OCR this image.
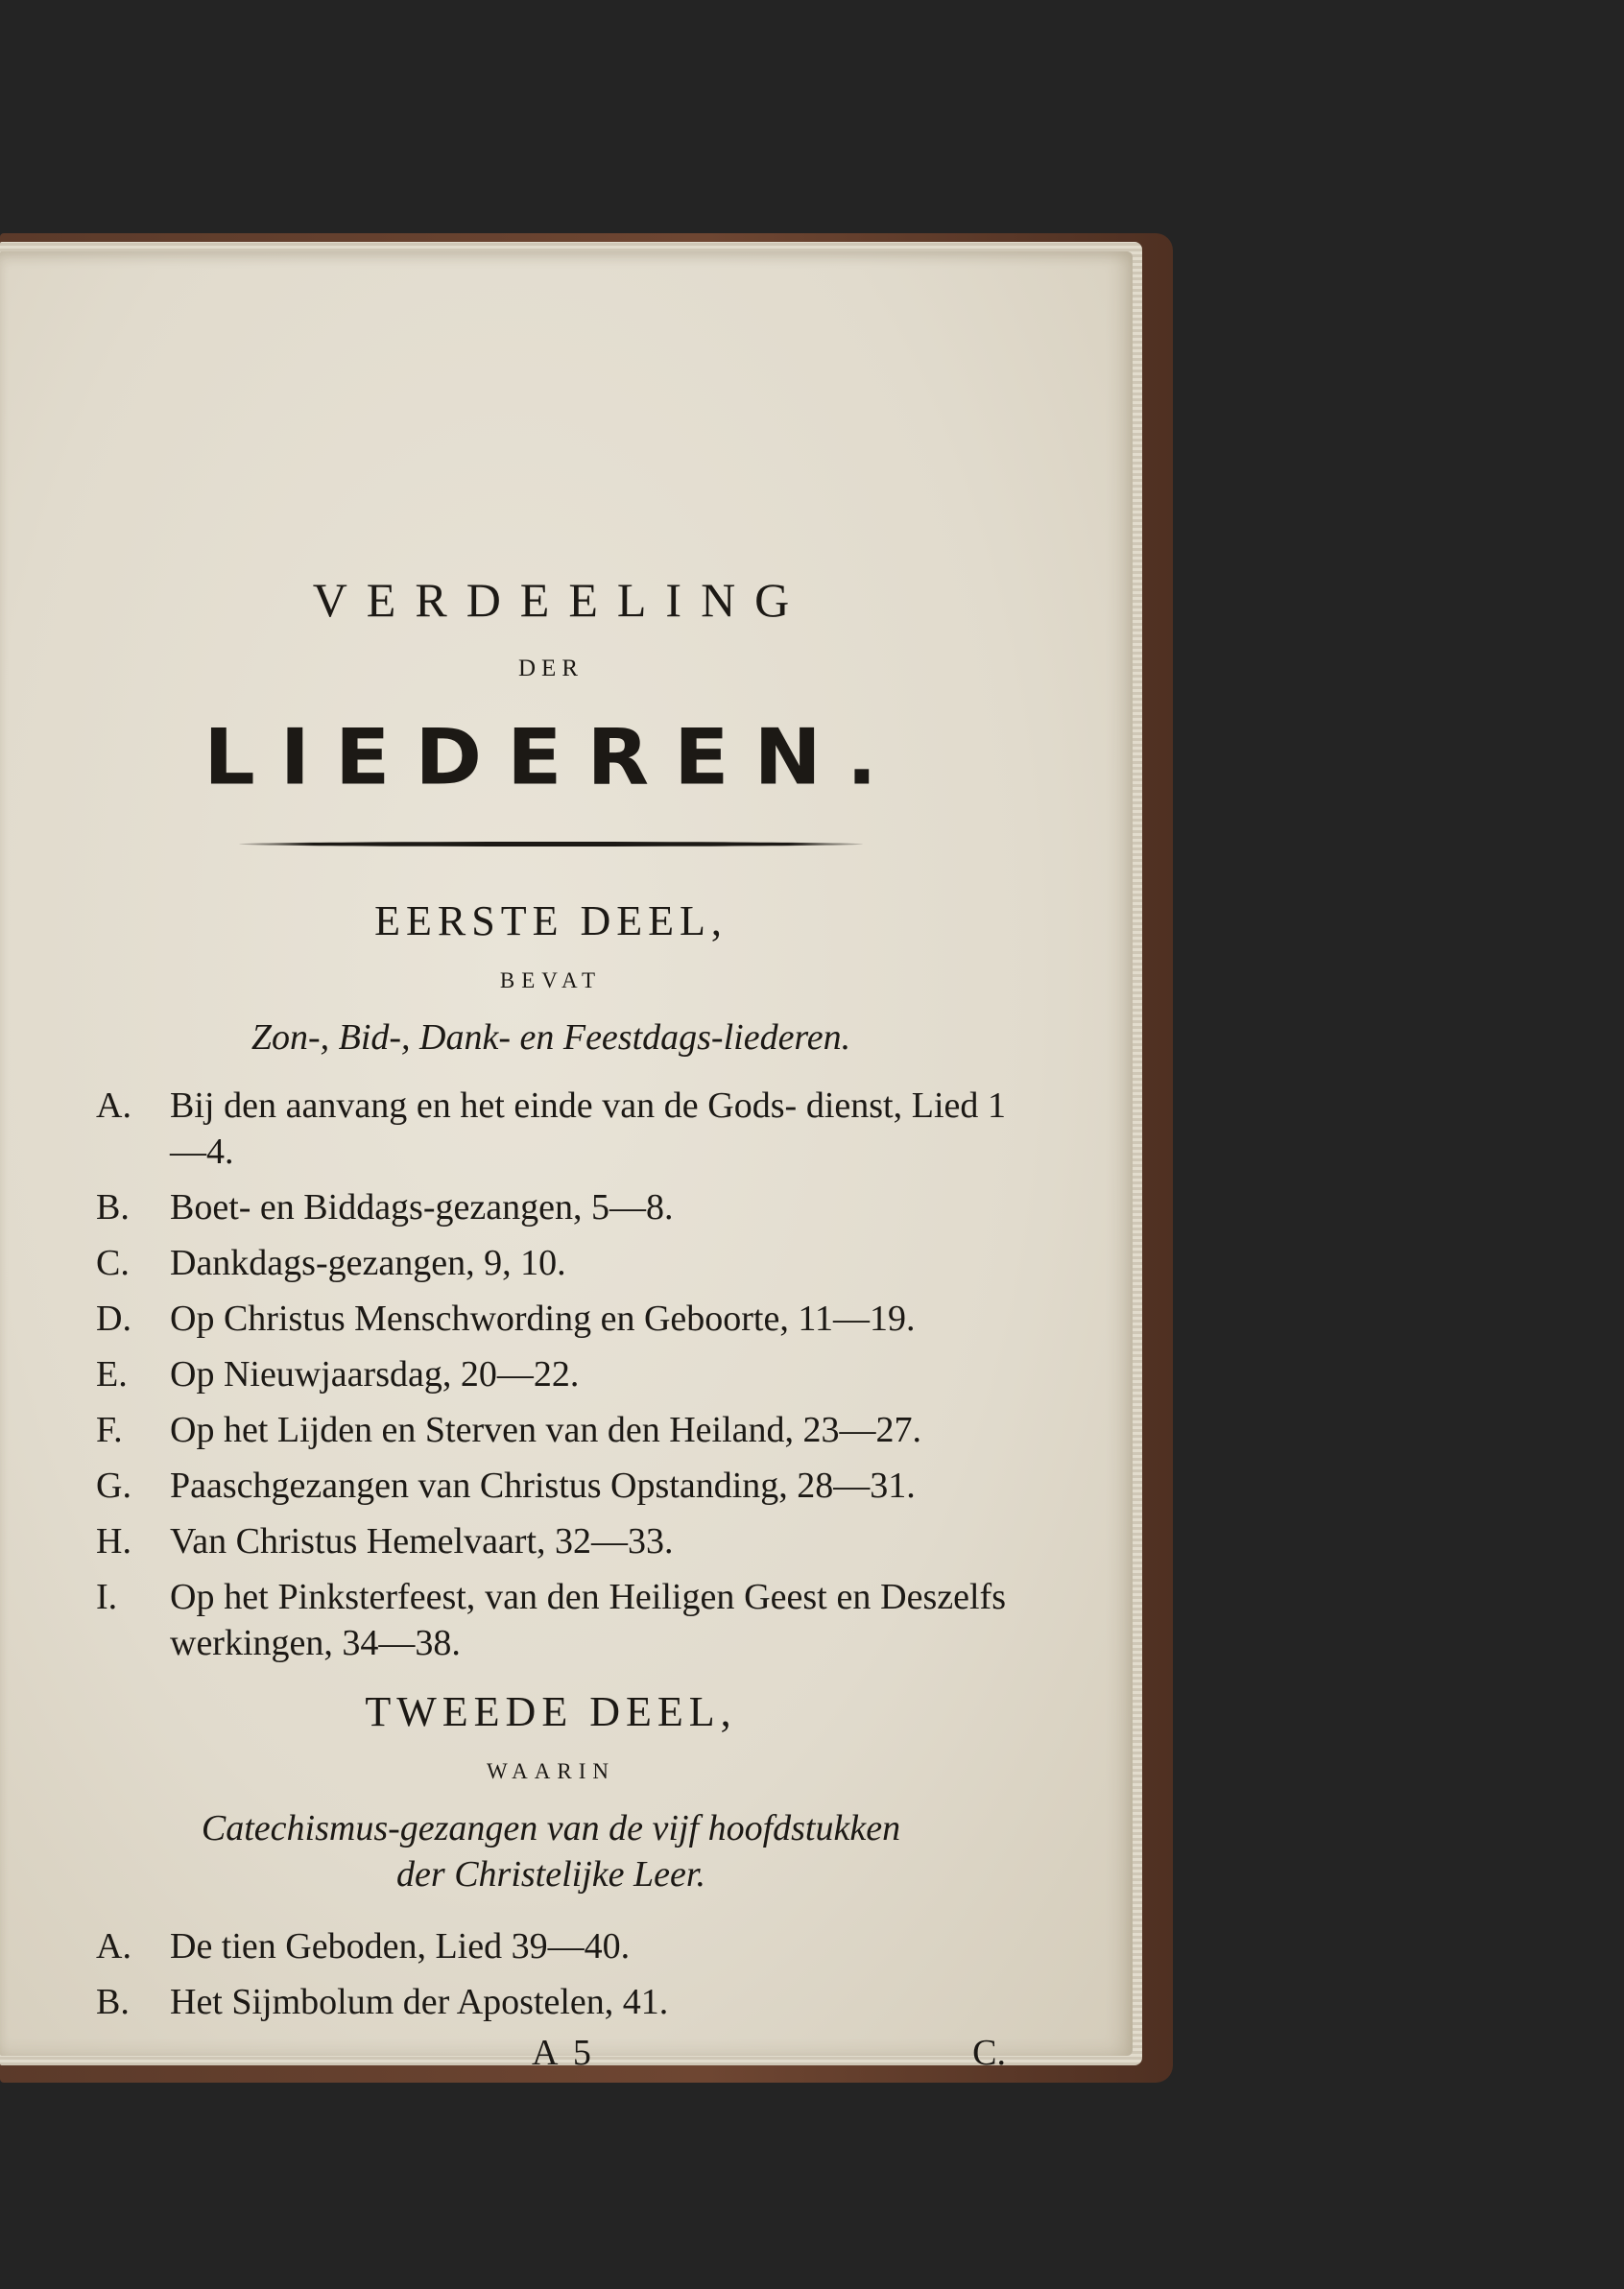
VERDEELING
DER
LIEDEREN.
EERSTE DEEL,
BEVAT
Zon-, Bid-, Dank- en Feestdags-liederen.
A.	Bij den aanvang en het einde van de Gods- dienst, Lied 1—4.
B.	Boet- en Biddags-gezangen, 5—8.
C.	Dankdags-gezangen, 9, 10.
D.	Op Christus Menschwording en Geboorte, 11—19.
E.	Op Nieuwjaarsdag, 20—22.
F.	Op het Lijden en Sterven van den Heiland, 23—27.
G.	Paaschgezangen van Christus Opstanding, 28—31.
H.	Van Christus Hemelvaart, 32—33.
I.	Op het Pinksterfeest, van den Heiligen Geest en Deszelfs werkingen, 34—38.
TWEEDE DEEL,
WAARIN
Catechismus-gezangen van de vijf hoofdstukken
der Christelijke Leer.
A.	De tien Geboden, Lied 39—40.
B.	Het Sijmbolum der Apostelen, 41.
A 5	C.
